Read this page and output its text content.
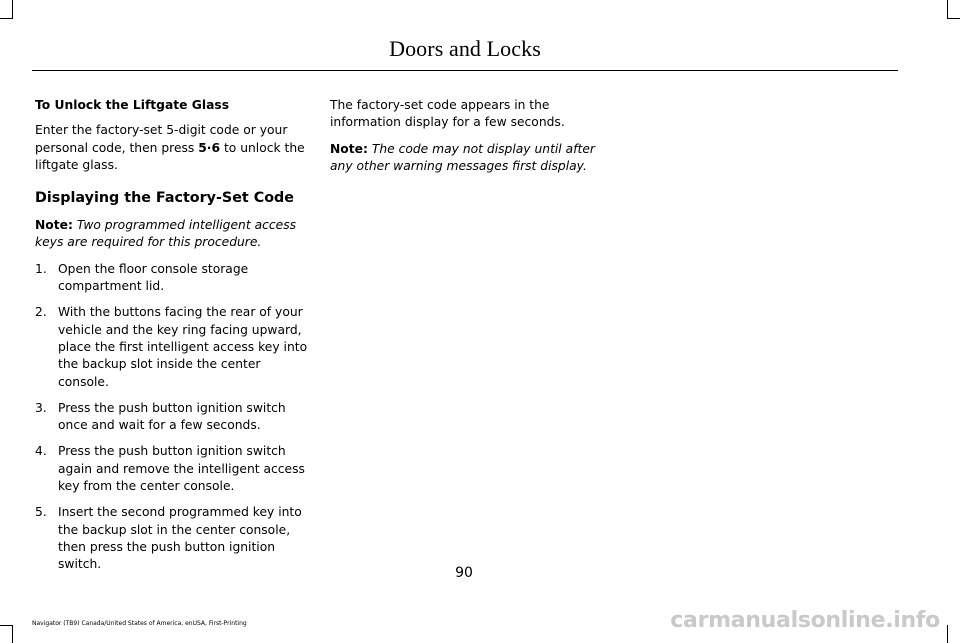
Doors and Locks
To Unlock the Liftgate Glass

Enter the factory-set 5-digit code or your personal code, then press 5·6 to unlock the liftgate glass.

Displaying the Factory-Set Code

Note: Two programmed intelligent access keys are required for this procedure.

1. Open the floor console storage compartment lid.
2. With the buttons facing the rear of your vehicle and the key ring facing upward, place the first intelligent access key into the backup slot inside the center console.
3. Press the push button ignition switch once and wait for a few seconds.
4. Press the push button ignition switch again and remove the intelligent access key from the center console.
5. Insert the second programmed key into the backup slot in the center console, then press the push button ignition switch.

The factory-set code appears in the information display for a few seconds.

Note: The code may not display until after any other warning messages first display.

90
Navigator (TB9) Canada/United States of America, enUSA, First-Printing	carmanualsonline.info
